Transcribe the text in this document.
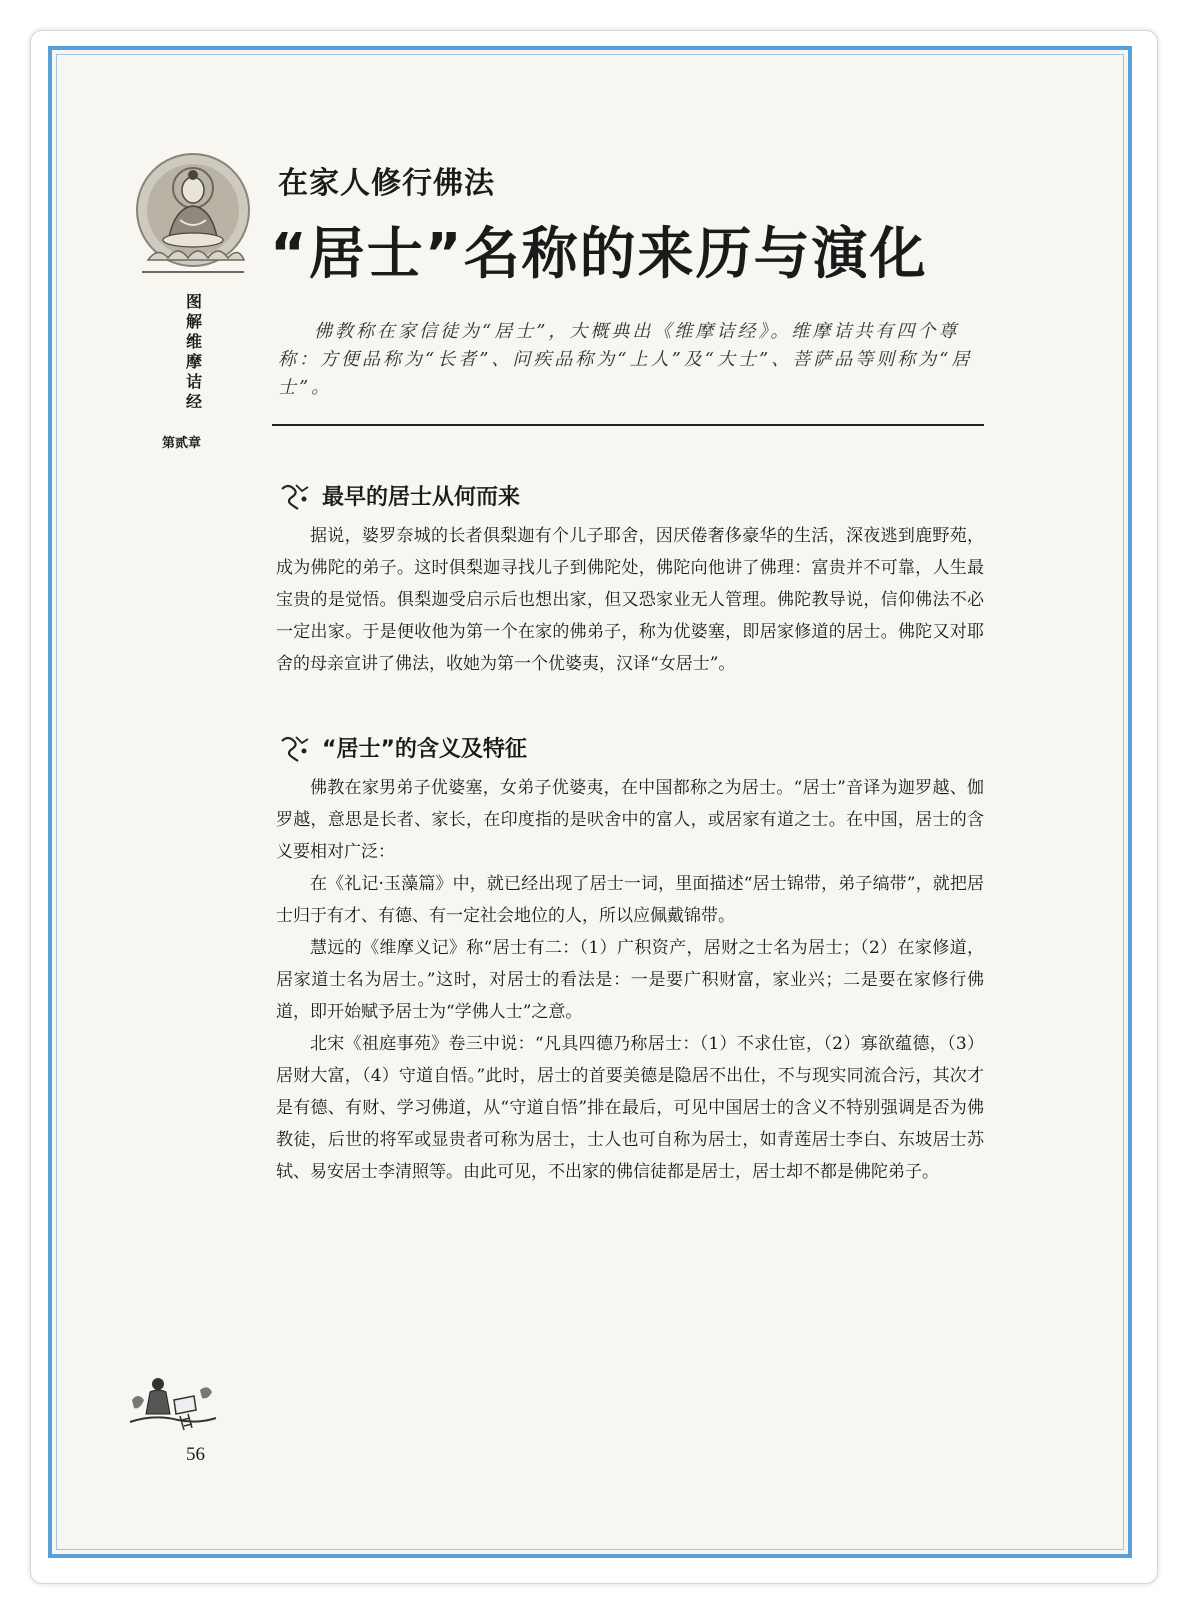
图解维摩诘经
第贰章
在家人修行佛法
“居士”名称的来历与演化
佛教称在家信徒为“居士”，大概典出《维摩诘经》。维摩诘共有四个尊称：方便品称为“长者”、问疾品称为“上人”及“大士”、菩萨品等则称为“居士”。
最早的居士从何而来

据说，婆罗奈城的长者俱梨迦有个儿子耶舍，因厌倦奢侈豪华的生活，深夜逃到鹿野苑，成为佛陀的弟子。这时俱梨迦寻找儿子到佛陀处，佛陀向他讲了佛理：富贵并不可靠，人生最宝贵的是觉悟。俱梨迦受启示后也想出家，但又恐家业无人管理。佛陀教导说，信仰佛法不必一定出家。于是便收他为第一个在家的佛弟子，称为优婆塞，即居家修道的居士。佛陀又对耶舍的母亲宣讲了佛法，收她为第一个优婆夷，汉译“女居士”。

“居士”的含义及特征

佛教在家男弟子优婆塞，女弟子优婆夷，在中国都称之为居士。“居士”音译为迦罗越、伽罗越，意思是长者、家长，在印度指的是吠舍中的富人，或居家有道之士。在中国，居士的含义要相对广泛：

在《礼记·玉藻篇》中，就已经出现了居士一词，里面描述“居士锦带，弟子缟带”，就把居士归于有才、有德、有一定社会地位的人，所以应佩戴锦带。

慧远的《维摩义记》称“居士有二：（1）广积资产，居财之士名为居士；（2）在家修道，居家道士名为居士。”这时，对居士的看法是：一是要广积财富，家业兴；二是要在家修行佛道，即开始赋予居士为“学佛人士”之意。

北宋《祖庭事苑》卷三中说：“凡具四德乃称居士：（1）不求仕宦，（2）寡欲蕴德，（3）居财大富，（4）守道自悟。”此时，居士的首要美德是隐居不出仕，不与现实同流合污，其次才是有德、有财、学习佛道，从“守道自悟”排在最后，可见中国居士的含义不特别强调是否为佛教徒，后世的将军或显贵者可称为居士，士人也可自称为居士，如青莲居士李白、东坡居士苏轼、易安居士李清照等。由此可见，不出家的佛信徒都是居士，居士却不都是佛陀弟子。

56
